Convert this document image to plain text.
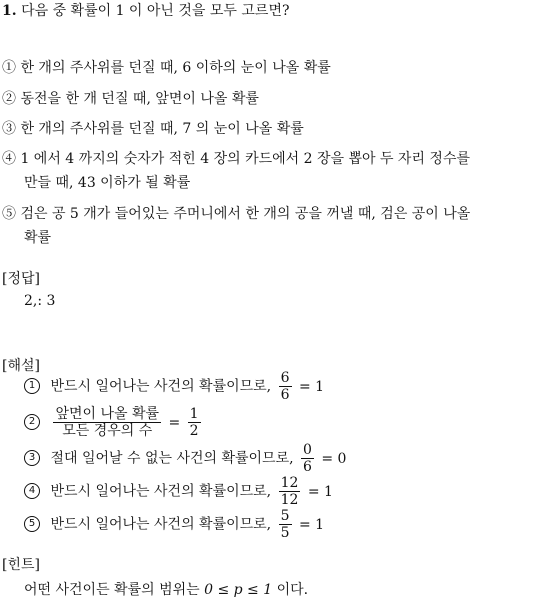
1. 다음 중 확률이 1 이 아닌 것을 모두 고르면?
① 한 개의 주사위를 던질 때, 6 이하의 눈이 나올 확률
② 동전을 한 개 던질 때, 앞면이 나올 확률
③ 한 개의 주사위를 던질 때, 7 의 눈이 나올 확률
④ 1 에서 4 까지의 숫자가 적힌 4 장의 카드에서 2 장을 뽑아 두 자리 정수를
만들 때, 43 이하가 될 확률
⑤ 검은 공 5 개가 들어있는 주머니에서 한 개의 공을 꺼낼 때, 검은 공이 나올
확률
[정답]
2,: 3
[해설]
1 반드시 일어나는 사건의 확률이므로, $\frac{6}{6} = 1$
$2 \frac{\text{앞면이 나올 확률}}{\text{모든 경우의 수}} = \frac{1}{2}$
3 절대 일어날 수 없는 사건의 확률이므로, $\frac{0}{6} = 0$
4 반드시 일어나는 사건의 확률이므로, $\frac{12}{12} = 1$
5 반드시 일어나는 사건의 확률이므로, $\frac{5}{5} = 1$
[힌트]
어떤 사건이든 확률의 범위는 0 ≤ p ≤ 1 이다.
